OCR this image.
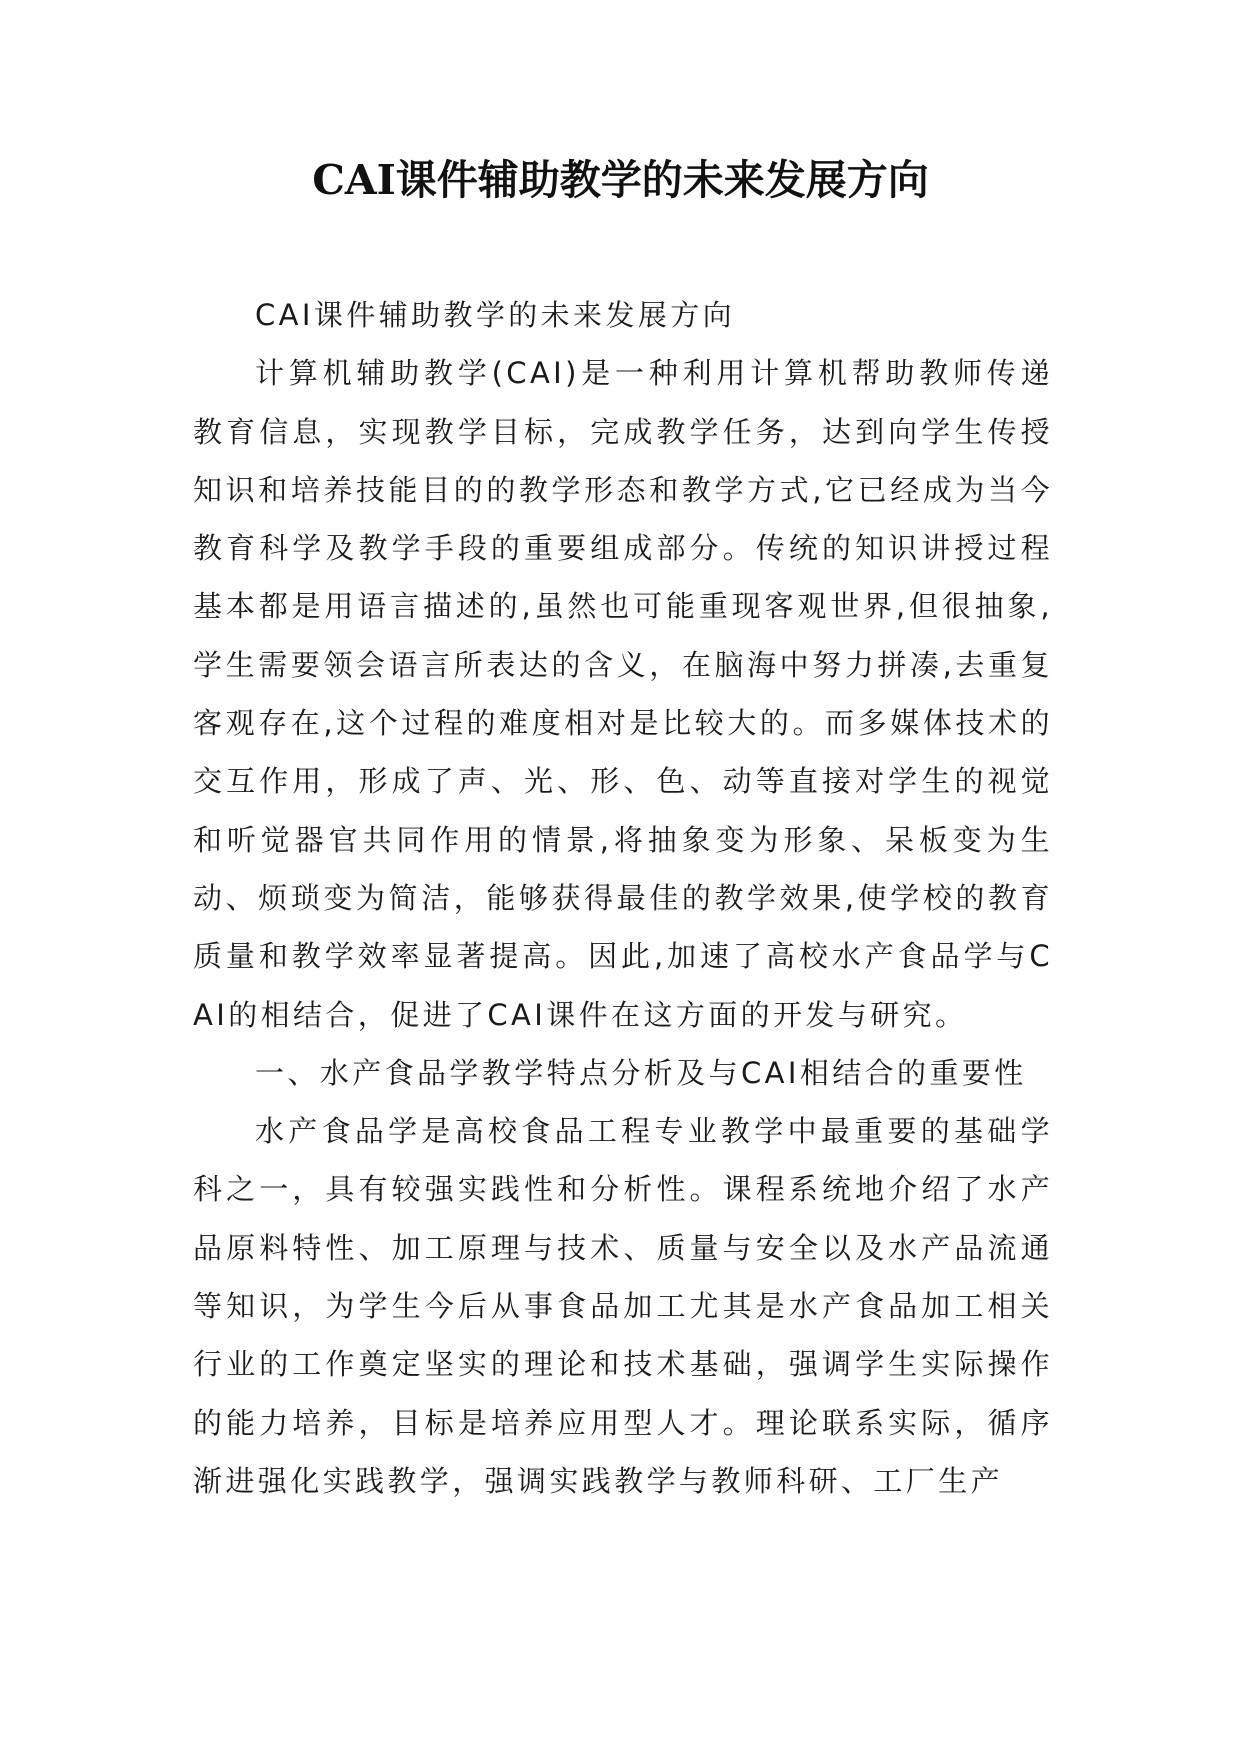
CAI课件辅助教学的未来发展方向

CAI课件辅助教学的未来发展方向

计算机辅助教学(CAI)是一种利用计算机帮助教师传递教育信息，实现教学目标，完成教学任务，达到向学生传授知识和培养技能目的的教学形态和教学方式,它已经成为当今教育科学及教学手段的重要组成部分。传统的知识讲授过程基本都是用语言描述的,虽然也可能重现客观世界,但很抽象,学生需要领会语言所表达的含义，在脑海中努力拼凑,去重复客观存在,这个过程的难度相对是比较大的。而多媒体技术的交互作用，形成了声、光、形、色、动等直接对学生的视觉和听觉器官共同作用的情景,将抽象变为形象、呆板变为生动、烦琐变为简洁，能够获得最佳的教学效果,使学校的教育质量和教学效率显著提高。因此,加速了高校水产食品学与CAI的相结合，促进了CAI课件在这方面的开发与研究。

一、水产食品学教学特点分析及与CAI相结合的重要性

水产食品学是高校食品工程专业教学中最重要的基础学科之一，具有较强实践性和分析性。课程系统地介绍了水产品原料特性、加工原理与技术、质量与安全以及水产品流通等知识，为学生今后从事食品加工尤其是水产食品加工相关行业的工作奠定坚实的理论和技术基础，强调学生实际操作的能力培养，目标是培养应用型人才。理论联系实际，循序渐进强化实践教学，强调实践教学与教师科研、工厂生产
